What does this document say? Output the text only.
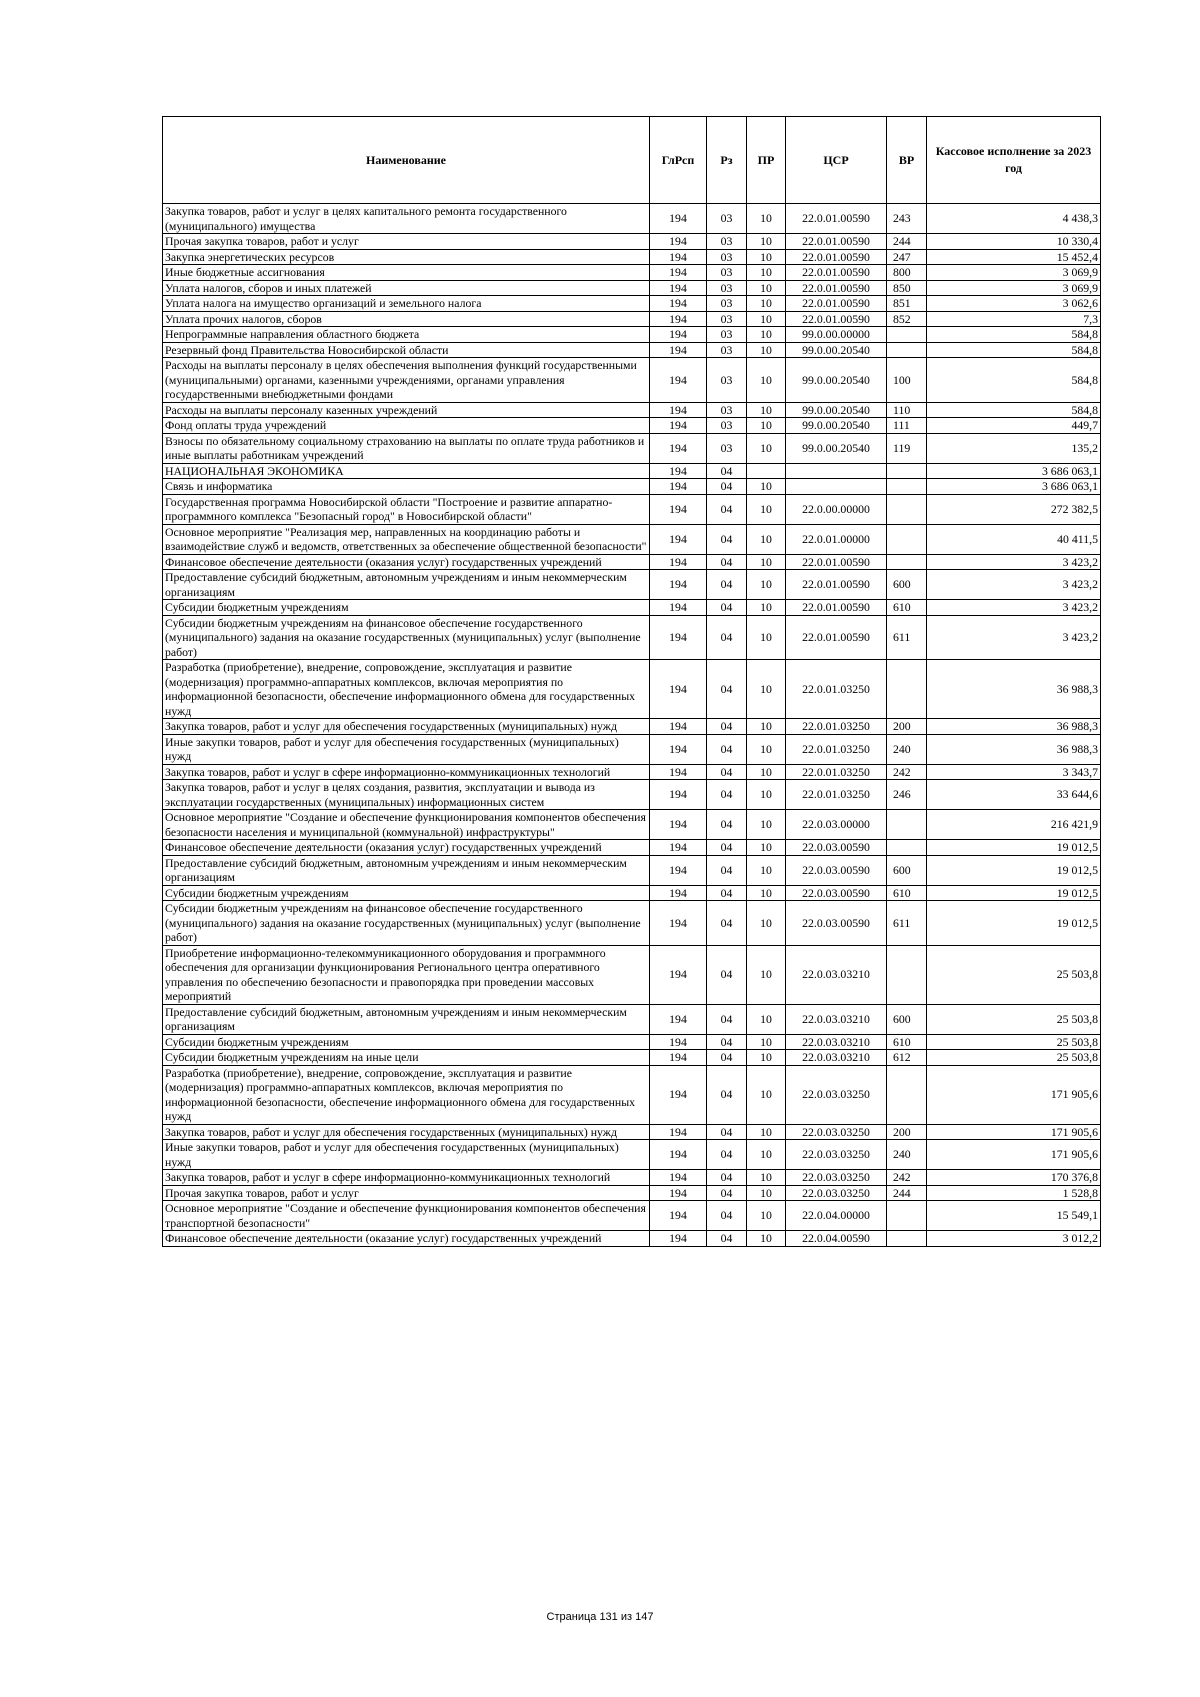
Наименование	ГлРсп	Рз	ПР	ЦСР	ВР	Кассовое исполнение за 2023 год
Закупка товаров, работ и услуг в целях капитального ремонта государственного (муниципального) имущества	194	03	10	22.0.01.00590	243	4 438,3
Прочая закупка товаров, работ и услуг	194	03	10	22.0.01.00590	244	10 330,4
Закупка энергетических ресурсов	194	03	10	22.0.01.00590	247	15 452,4
Иные бюджетные ассигнования	194	03	10	22.0.01.00590	800	3 069,9
Уплата налогов, сборов и иных платежей	194	03	10	22.0.01.00590	850	3 069,9
Уплата налога на имущество организаций и земельного налога	194	03	10	22.0.01.00590	851	3 062,6
Уплата прочих налогов, сборов	194	03	10	22.0.01.00590	852	7,3
Непрограммные направления областного бюджета	194	03	10	99.0.00.00000		584,8
Резервный фонд Правительства Новосибирской области	194	03	10	99.0.00.20540		584,8
Расходы на выплаты персоналу в целях обеспечения выполнения функций государственными (муниципальными) органами, казенными учреждениями, органами управления государственными внебюджетными фондами	194	03	10	99.0.00.20540	100	584,8
Расходы на выплаты персоналу казенных учреждений	194	03	10	99.0.00.20540	110	584,8
Фонд оплаты труда учреждений	194	03	10	99.0.00.20540	111	449,7
Взносы по обязательному социальному страхованию на выплаты по оплате труда работников и иные выплаты работникам учреждений	194	03	10	99.0.00.20540	119	135,2
НАЦИОНАЛЬНАЯ ЭКОНОМИКА	194	04				3 686 063,1
Связь и информатика	194	04	10			3 686 063,1
Государственная программа Новосибирской области "Построение и развитие аппаратно-программного комплекса "Безопасный город" в Новосибирской области"	194	04	10	22.0.00.00000		272 382,5
Основное мероприятие "Реализация мер, направленных на координацию работы и взаимодействие служб и ведомств, ответственных за обеспечение общественной безопасности"	194	04	10	22.0.01.00000		40 411,5
Финансовое обеспечение деятельности (оказания услуг) государственных учреждений	194	04	10	22.0.01.00590		3 423,2
Предоставление субсидий бюджетным, автономным учреждениям и иным некоммерческим организациям	194	04	10	22.0.01.00590	600	3 423,2
Субсидии бюджетным учреждениям	194	04	10	22.0.01.00590	610	3 423,2
Субсидии бюджетным учреждениям на финансовое обеспечение государственного (муниципального) задания на оказание государственных (муниципальных) услуг (выполнение работ)	194	04	10	22.0.01.00590	611	3 423,2
Разработка (приобретение), внедрение, сопровождение, эксплуатация и развитие (модернизация) программно-аппаратных комплексов, включая мероприятия по информационной безопасности, обеспечение информационного обмена для государственных нужд	194	04	10	22.0.01.03250		36 988,3
Закупка товаров, работ и услуг для обеспечения государственных (муниципальных) нужд	194	04	10	22.0.01.03250	200	36 988,3
Иные закупки товаров, работ и услуг для обеспечения государственных (муниципальных) нужд	194	04	10	22.0.01.03250	240	36 988,3
Закупка товаров, работ и услуг в сфере информационно-коммуникационных технологий	194	04	10	22.0.01.03250	242	3 343,7
Закупка товаров, работ и услуг в целях создания, развития, эксплуатации и вывода из эксплуатации государственных (муниципальных) информационных систем	194	04	10	22.0.01.03250	246	33 644,6
Основное мероприятие "Создание и обеспечение функционирования компонентов обеспечения безопасности населения и муниципальной (коммунальной) инфраструктуры"	194	04	10	22.0.03.00000		216 421,9
Финансовое обеспечение деятельности (оказания услуг) государственных учреждений	194	04	10	22.0.03.00590		19 012,5
Предоставление субсидий бюджетным, автономным учреждениям и иным некоммерческим организациям	194	04	10	22.0.03.00590	600	19 012,5
Субсидии бюджетным учреждениям	194	04	10	22.0.03.00590	610	19 012,5
Субсидии бюджетным учреждениям на финансовое обеспечение государственного (муниципального) задания на оказание государственных (муниципальных) услуг (выполнение работ)	194	04	10	22.0.03.00590	611	19 012,5
Приобретение информационно-телекоммуникационного оборудования и программного обеспечения для организации функционирования Регионального центра оперативного управления по обеспечению безопасности и правопорядка при проведении массовых мероприятий	194	04	10	22.0.03.03210		25 503,8
Предоставление субсидий бюджетным, автономным учреждениям и иным некоммерческим организациям	194	04	10	22.0.03.03210	600	25 503,8
Субсидии бюджетным учреждениям	194	04	10	22.0.03.03210	610	25 503,8
Субсидии бюджетным учреждениям на иные цели	194	04	10	22.0.03.03210	612	25 503,8
Разработка (приобретение), внедрение, сопровождение, эксплуатация и развитие (модернизация) программно-аппаратных комплексов, включая мероприятия по информационной безопасности, обеспечение информационного обмена для государственных нужд	194	04	10	22.0.03.03250		171 905,6
Закупка товаров, работ и услуг для обеспечения государственных (муниципальных) нужд	194	04	10	22.0.03.03250	200	171 905,6
Иные закупки товаров, работ и услуг для обеспечения государственных (муниципальных) нужд	194	04	10	22.0.03.03250	240	171 905,6
Закупка товаров, работ и услуг в сфере информационно-коммуникационных технологий	194	04	10	22.0.03.03250	242	170 376,8
Прочая закупка товаров, работ и услуг	194	04	10	22.0.03.03250	244	1 528,8
Основное мероприятие "Создание и обеспечение функционирования компонентов обеспечения транспортной безопасности"	194	04	10	22.0.04.00000		15 549,1
Финансовое обеспечение деятельности (оказание услуг) государственных учреждений	194	04	10	22.0.04.00590		3 012,2
Страница 131 из 147
